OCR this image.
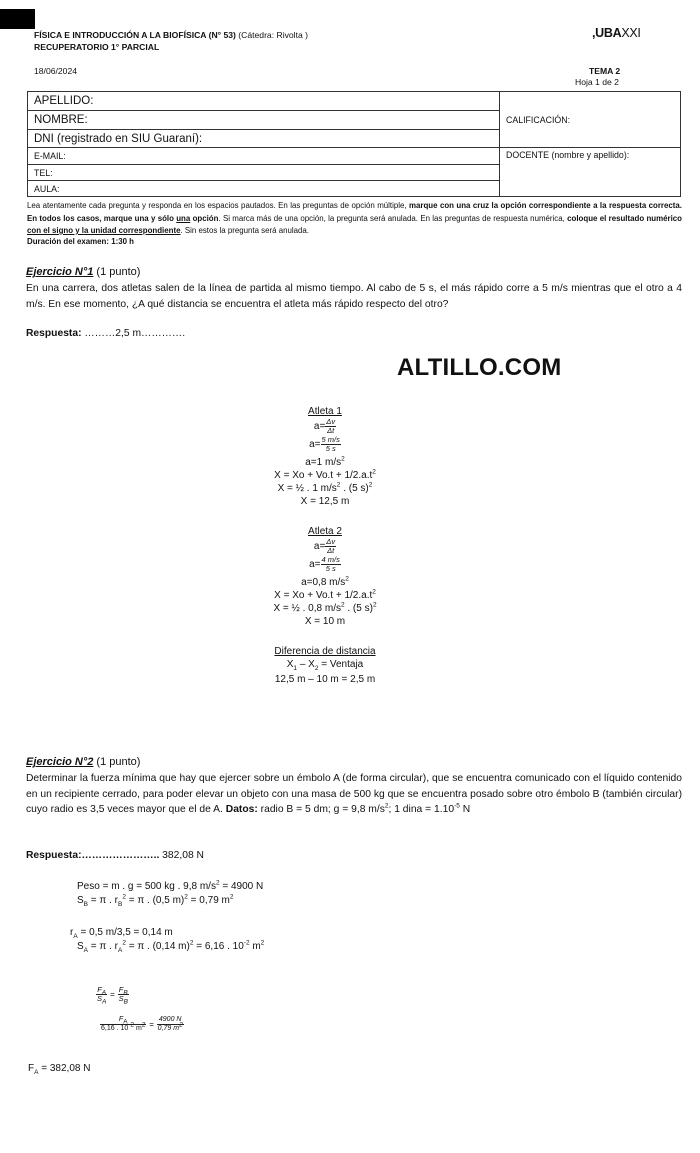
FÍSICA E INTRODUCCIÓN A LA BIOFÍSICA (N° 53) (Cátedra: Rivolta )
RECUPERATORIO 1° PARCIAL
,UBAXXI
18/06/2024	TEMA 2
Hoja 1 de 2
APELLIDO:	CALIFICACIÓN:
NOMBRE:	
DNI (registrado en SIU Guaraní):	
E-MAIL:	DOCENTE (nombre y apellido):
TEL:	
AULA:	
Lea atentamente cada pregunta y responda en los espacios pautados. En las preguntas de opción múltiple, marque con una cruz la opción correspondiente a la respuesta correcta. En todos los casos, marque una y sólo una opción. Si marca más de una opción, la pregunta será anulada. En las preguntas de respuesta numérica, coloque el resultado numérico con el signo y la unidad correspondiente. Sin estos la pregunta será anulada.
Duración del examen: 1:30 h
Ejercicio N°1 (1 punto)
En una carrera, dos atletas salen de la línea de partida al mismo tiempo. Al cabo de 5 s, el más rápido corre a 5 m/s mientras que el otro a 4 m/s. En ese momento, ¿A qué distancia se encuentra el atleta más rápido respecto del otro?
Respuesta: ………2,5 m………….
ALTILLO.COM
Atleta 1
$a= \frac{\Delta v}{\Delta t}$
$a= \frac{5 m/s}{5 s}$
a=1 $m/s^2$
$X = Xo + Vo.t + 1/2.a.t^2$
X = ½ . 1 $m/s^2$ . (5 s)$^2$
X = 12,5 m
Atleta 2
$a= \frac{\Delta v}{\Delta t}$
$a= \frac{4 m/s}{5 s}$
a=0,8 $m/s^2$
$X = Xo + Vo.t + 1/2.a.t^2$
X = ½ . 0,8 $m/s^2$ . (5 s)$^2$
X = 10 m
Diferencia de distancia
$X_1 - X_2$ = Ventaja
12,5 m – 10 m = 2,5 m
Ejercicio N°2 (1 punto)
Determinar la fuerza mínima que hay que ejercer sobre un émbolo A (de forma circular), que se encuentra comunicado con el líquido contenido en un recipiente cerrado, para poder elevar un objeto con una masa de 500 kg que se encuentra posado sobre otro émbolo B (también circular) cuyo radio es 3,5 veces mayor que el de A. Datos: radio B = 5 dm; g = 9,8 $m/s^2$; 1 dina = $1.10^{-5}$ N
Respuesta:………………….. 382,08 N
Peso = m . g = 500 kg . 9,8 $m/s^2 = 4900$ N
$S_B = \pi$ . $r_B^2 = \pi$ . (0,5 m)$^2$ = 0,79 $m^2$
$r_A = 0,5$ m/3,5 = 0,14 m
$S_A = \pi$ . $r_A^2 = \pi$ . (0,14 m)$^2$ = 6,16 . $10^{-2}$ $m^2$
$\frac{F_A}{S_A} = \frac{F_B}{S_B}$
$\frac{F_A}{6,16 . 10^{-2} m^2} = \frac{4900 N}{0,79 m^2}$
$F_A = 382,08$ N
